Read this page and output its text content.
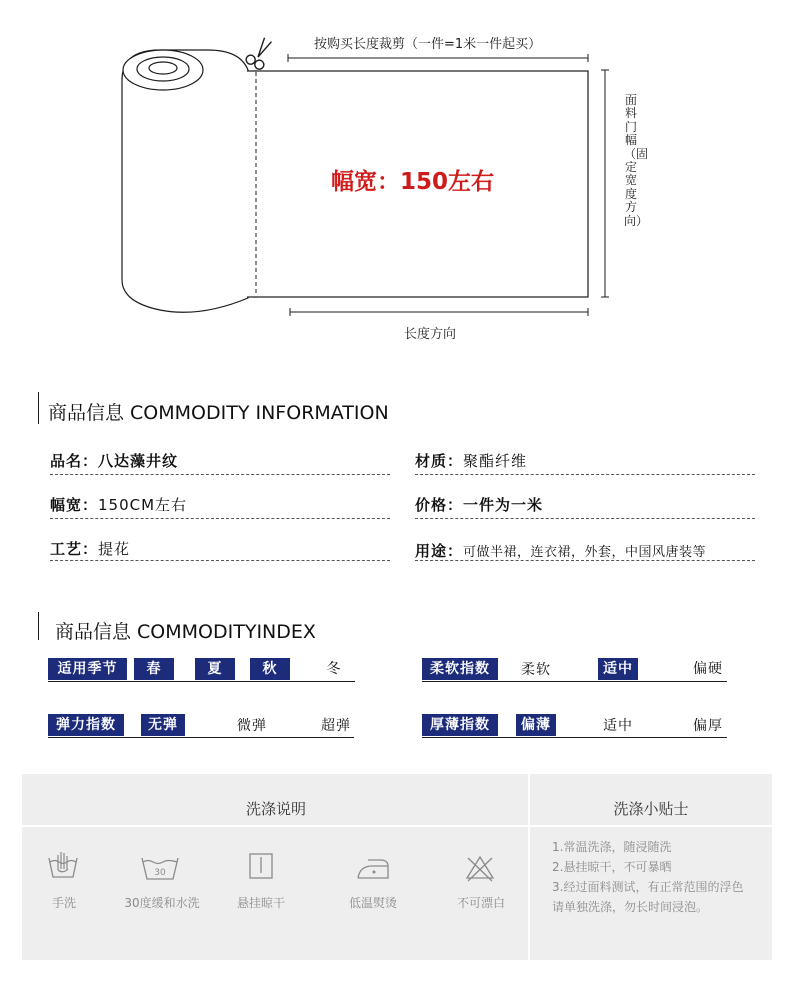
按购买长度裁剪（一件=1米一件起买）
幅宽：150左右
长度方向
面料门幅（固定宽度方向）
商品信息 COMMODITY INFORMATION
品名：八达藻井纹	材质：聚酯纤维
幅宽：150CM左右	价格：一件为一米
工艺：提花	用途：可做半裙，连衣裙，外套，中国风唐装等
商品信息 COMMODITYINDEX
适用季节	春	夏	秋	冬	柔软指数	柔软	适中	偏硬
弹力指数	无弹	微弹	超弹	厚薄指数	偏薄	适中	偏厚
洗涤说明	洗涤小贴士
30
手洗	30度缓和水洗	悬挂晾干	低温熨烫	不可漂白
1.常温洗涤，随浸随洗
2.悬挂晾干，不可暴晒
3.经过面料测试，有正常范围的浮色
请单独洗涤，勿长时间浸泡。
